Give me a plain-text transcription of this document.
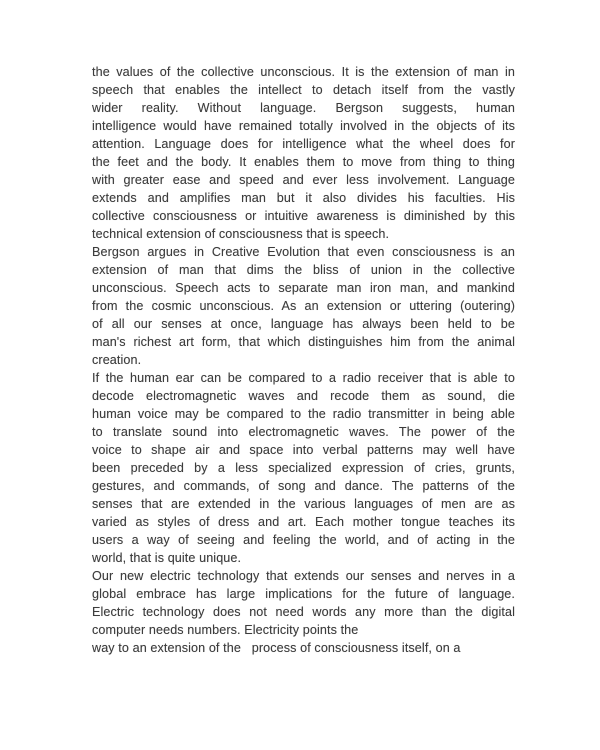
the values of the collective unconscious. It is the extension of man in
speech that enables the intellect to detach itself from the vastly
wider reality. Without language. Bergson suggests, human
intelligence would have remained totally involved in the objects of its
attention. Language does for intelligence what the wheel does for
the feet and the body. It enables them to move from thing to thing
with greater ease and speed and ever less involvement. Language
extends and amplifies man but it also divides his faculties. His
collective consciousness or intuitive awareness is diminished by this
technical extension of consciousness that is speech.
Bergson argues in Creative Evolution that even consciousness is an
extension of man that dims the bliss of union in the collective
unconscious. Speech acts to separate man iron man, and mankind
from the cosmic unconscious. As an extension or uttering (outering)
of all our senses at once, language has always been held to be
man's richest art form, that which distinguishes him from the animal
creation.
If the human ear can be compared to a radio receiver that is able to
decode electromagnetic waves and recode them as sound, die
human voice may be compared to the radio transmitter in being able
to translate sound into electromagnetic waves. The power of the
voice to shape air and space into verbal patterns may well have
been preceded by a less specialized expression of cries, grunts,
gestures, and commands, of song and dance. The patterns of the
senses that are extended in the various languages of men are as
varied as styles of dress and art. Each mother tongue teaches its
users a way of seeing and feeling the world, and of acting in the
world, that is quite unique.
Our new electric technology that extends our senses and nerves in a
global embrace has large implications for the future of language.
Electric technology does not need words any more than the digital
computer needs numbers. Electricity points the
way to an extension of the   process of consciousness itself, on a
